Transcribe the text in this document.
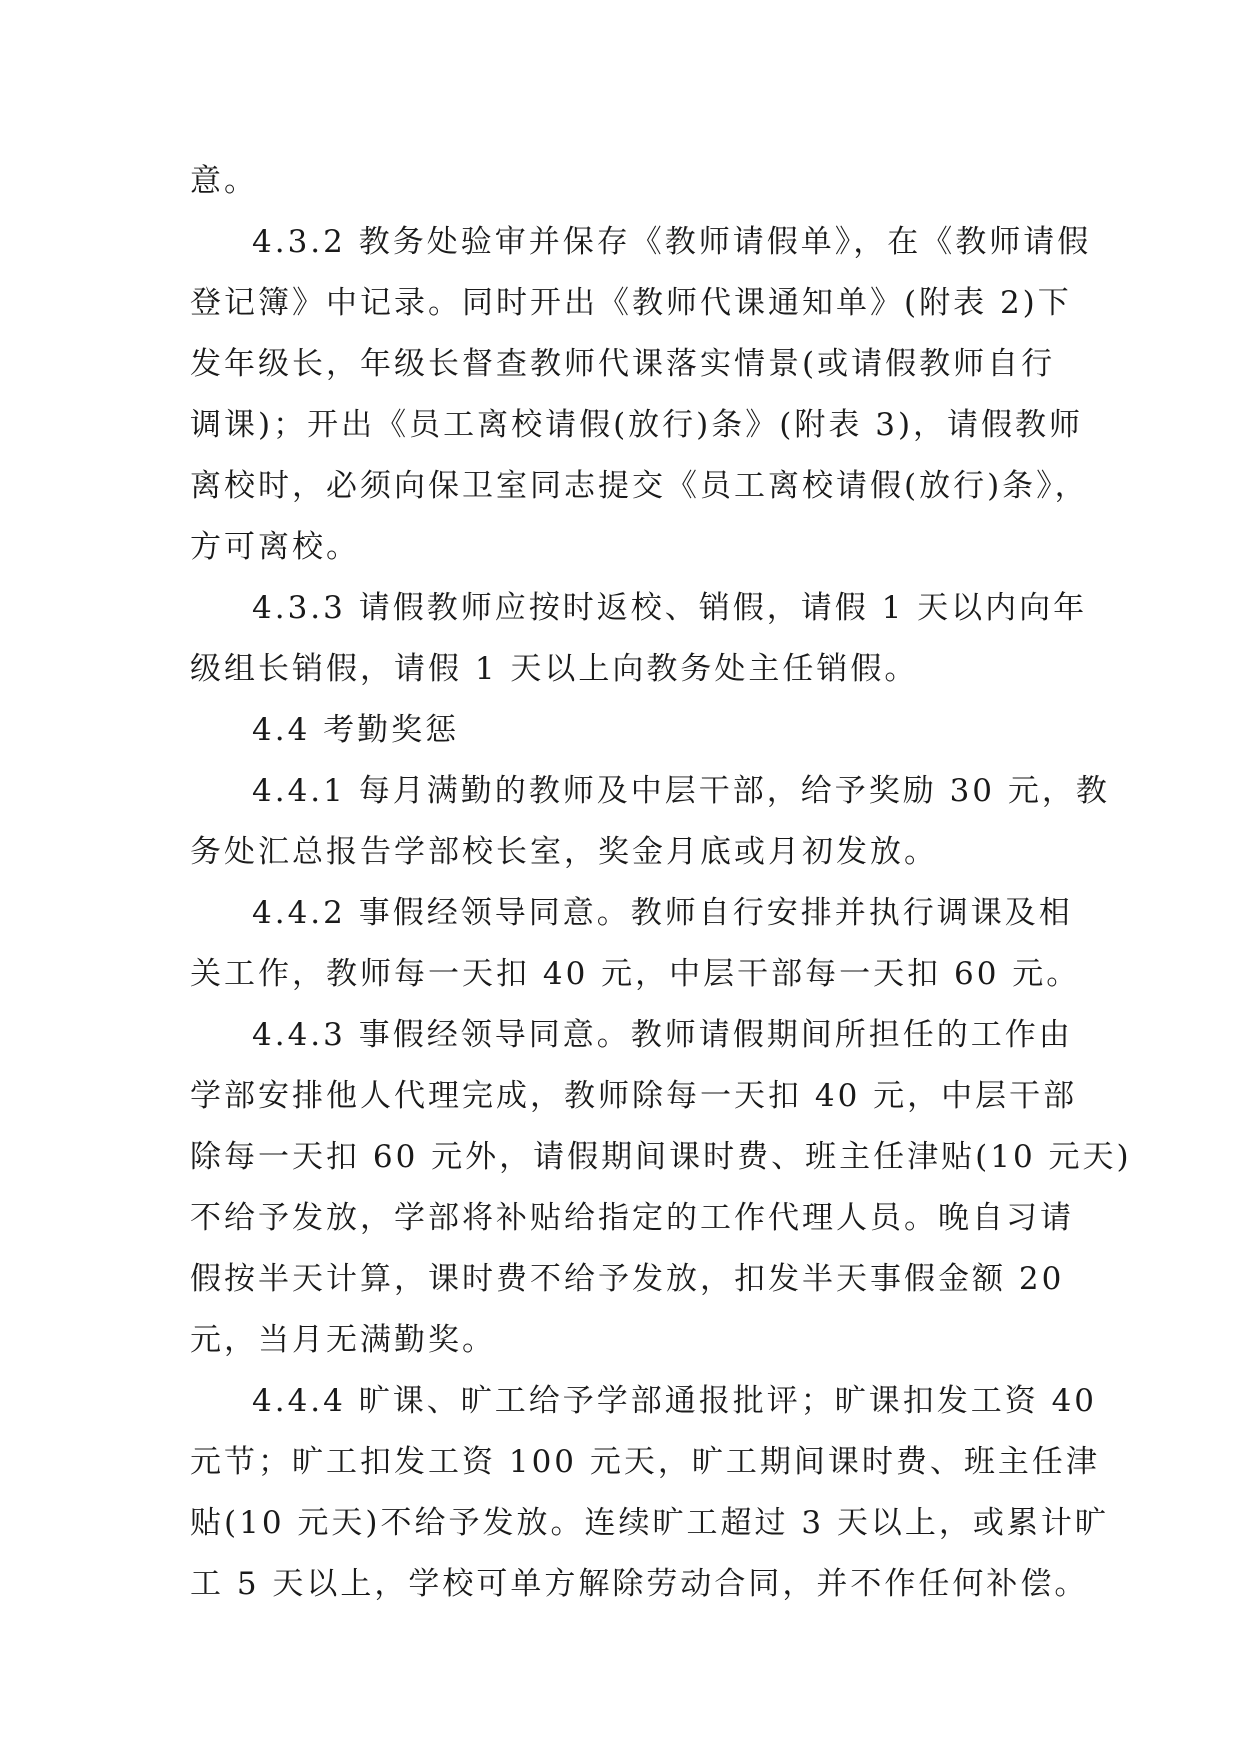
意。
4.3.2 教务处验审并保存《教师请假单》，在《教师请假
登记簿》中记录。同时开出《教师代课通知单》(附表 2)下
发年级长，年级长督查教师代课落实情景(或请假教师自行
调课)；开出《员工离校请假(放行)条》(附表 3)，请假教师
离校时，必须向保卫室同志提交《员工离校请假(放行)条》，
方可离校。
4.3.3 请假教师应按时返校、销假，请假 1 天以内向年
级组长销假，请假 1 天以上向教务处主任销假。
4.4 考勤奖惩
4.4.1 每月满勤的教师及中层干部，给予奖励 30 元，教
务处汇总报告学部校长室，奖金月底或月初发放。
4.4.2 事假经领导同意。教师自行安排并执行调课及相
关工作，教师每一天扣 40 元，中层干部每一天扣 60 元。
4.4.3 事假经领导同意。教师请假期间所担任的工作由
学部安排他人代理完成，教师除每一天扣 40 元，中层干部
除每一天扣 60 元外，请假期间课时费、班主任津贴(10 元天)
不给予发放，学部将补贴给指定的工作代理人员。晚自习请
假按半天计算，课时费不给予发放，扣发半天事假金额 20
元，当月无满勤奖。
4.4.4 旷课、旷工给予学部通报批评；旷课扣发工资 40
元节；旷工扣发工资 100 元天，旷工期间课时费、班主任津
贴(10 元天)不给予发放。连续旷工超过 3 天以上，或累计旷
工 5 天以上，学校可单方解除劳动合同，并不作任何补偿。
